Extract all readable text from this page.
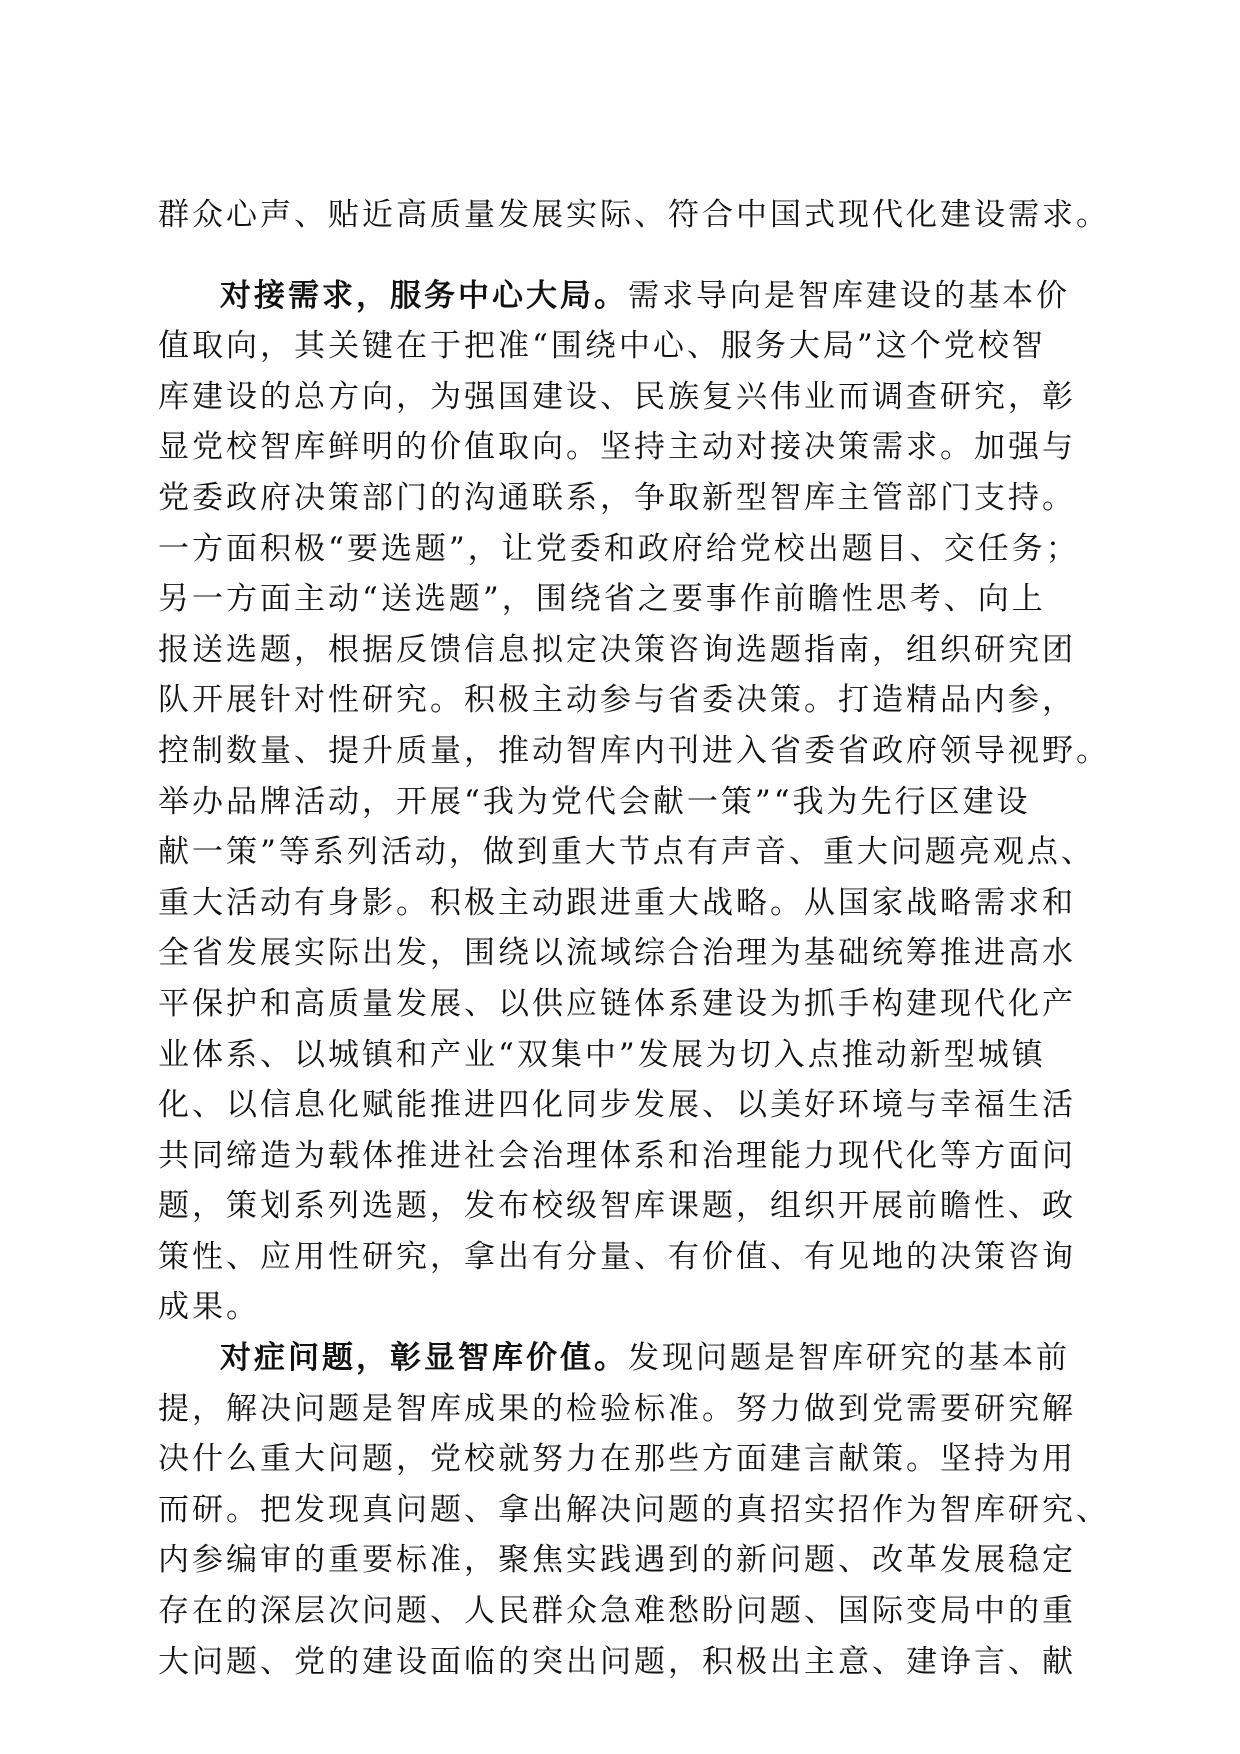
群众心声、贴近高质量发展实际、符合中国式现代化建设需求。
对接需求，服务中心大局。需求导向是智库建设的基本价
值取向，其关键在于把准“围绕中心、服务大局”这个党校智
库建设的总方向，为强国建设、民族复兴伟业而调查研究，彰
显党校智库鲜明的价值取向。坚持主动对接决策需求。加强与
党委政府决策部门的沟通联系，争取新型智库主管部门支持。
一方面积极“要选题”，让党委和政府给党校出题目、交任务；
另一方面主动“送选题”，围绕省之要事作前瞻性思考、向上
报送选题，根据反馈信息拟定决策咨询选题指南，组织研究团
队开展针对性研究。积极主动参与省委决策。打造精品内参，
控制数量、提升质量，推动智库内刊进入省委省政府领导视野。
举办品牌活动，开展“我为党代会献一策”“我为先行区建设
献一策”等系列活动，做到重大节点有声音、重大问题亮观点、
重大活动有身影。积极主动跟进重大战略。从国家战略需求和
全省发展实际出发，围绕以流域综合治理为基础统筹推进高水
平保护和高质量发展、以供应链体系建设为抓手构建现代化产
业体系、以城镇和产业“双集中”发展为切入点推动新型城镇
化、以信息化赋能推进四化同步发展、以美好环境与幸福生活
共同缔造为载体推进社会治理体系和治理能力现代化等方面问
题，策划系列选题，发布校级智库课题，组织开展前瞻性、政
策性、应用性研究，拿出有分量、有价值、有见地的决策咨询
成果。
对症问题，彰显智库价值。发现问题是智库研究的基本前
提，解决问题是智库成果的检验标准。努力做到党需要研究解
决什么重大问题，党校就努力在那些方面建言献策。坚持为用
而研。把发现真问题、拿出解决问题的真招实招作为智库研究、
内参编审的重要标准，聚焦实践遇到的新问题、改革发展稳定
存在的深层次问题、人民群众急难愁盼问题、国际变局中的重
大问题、党的建设面临的突出问题，积极出主意、建诤言、献
